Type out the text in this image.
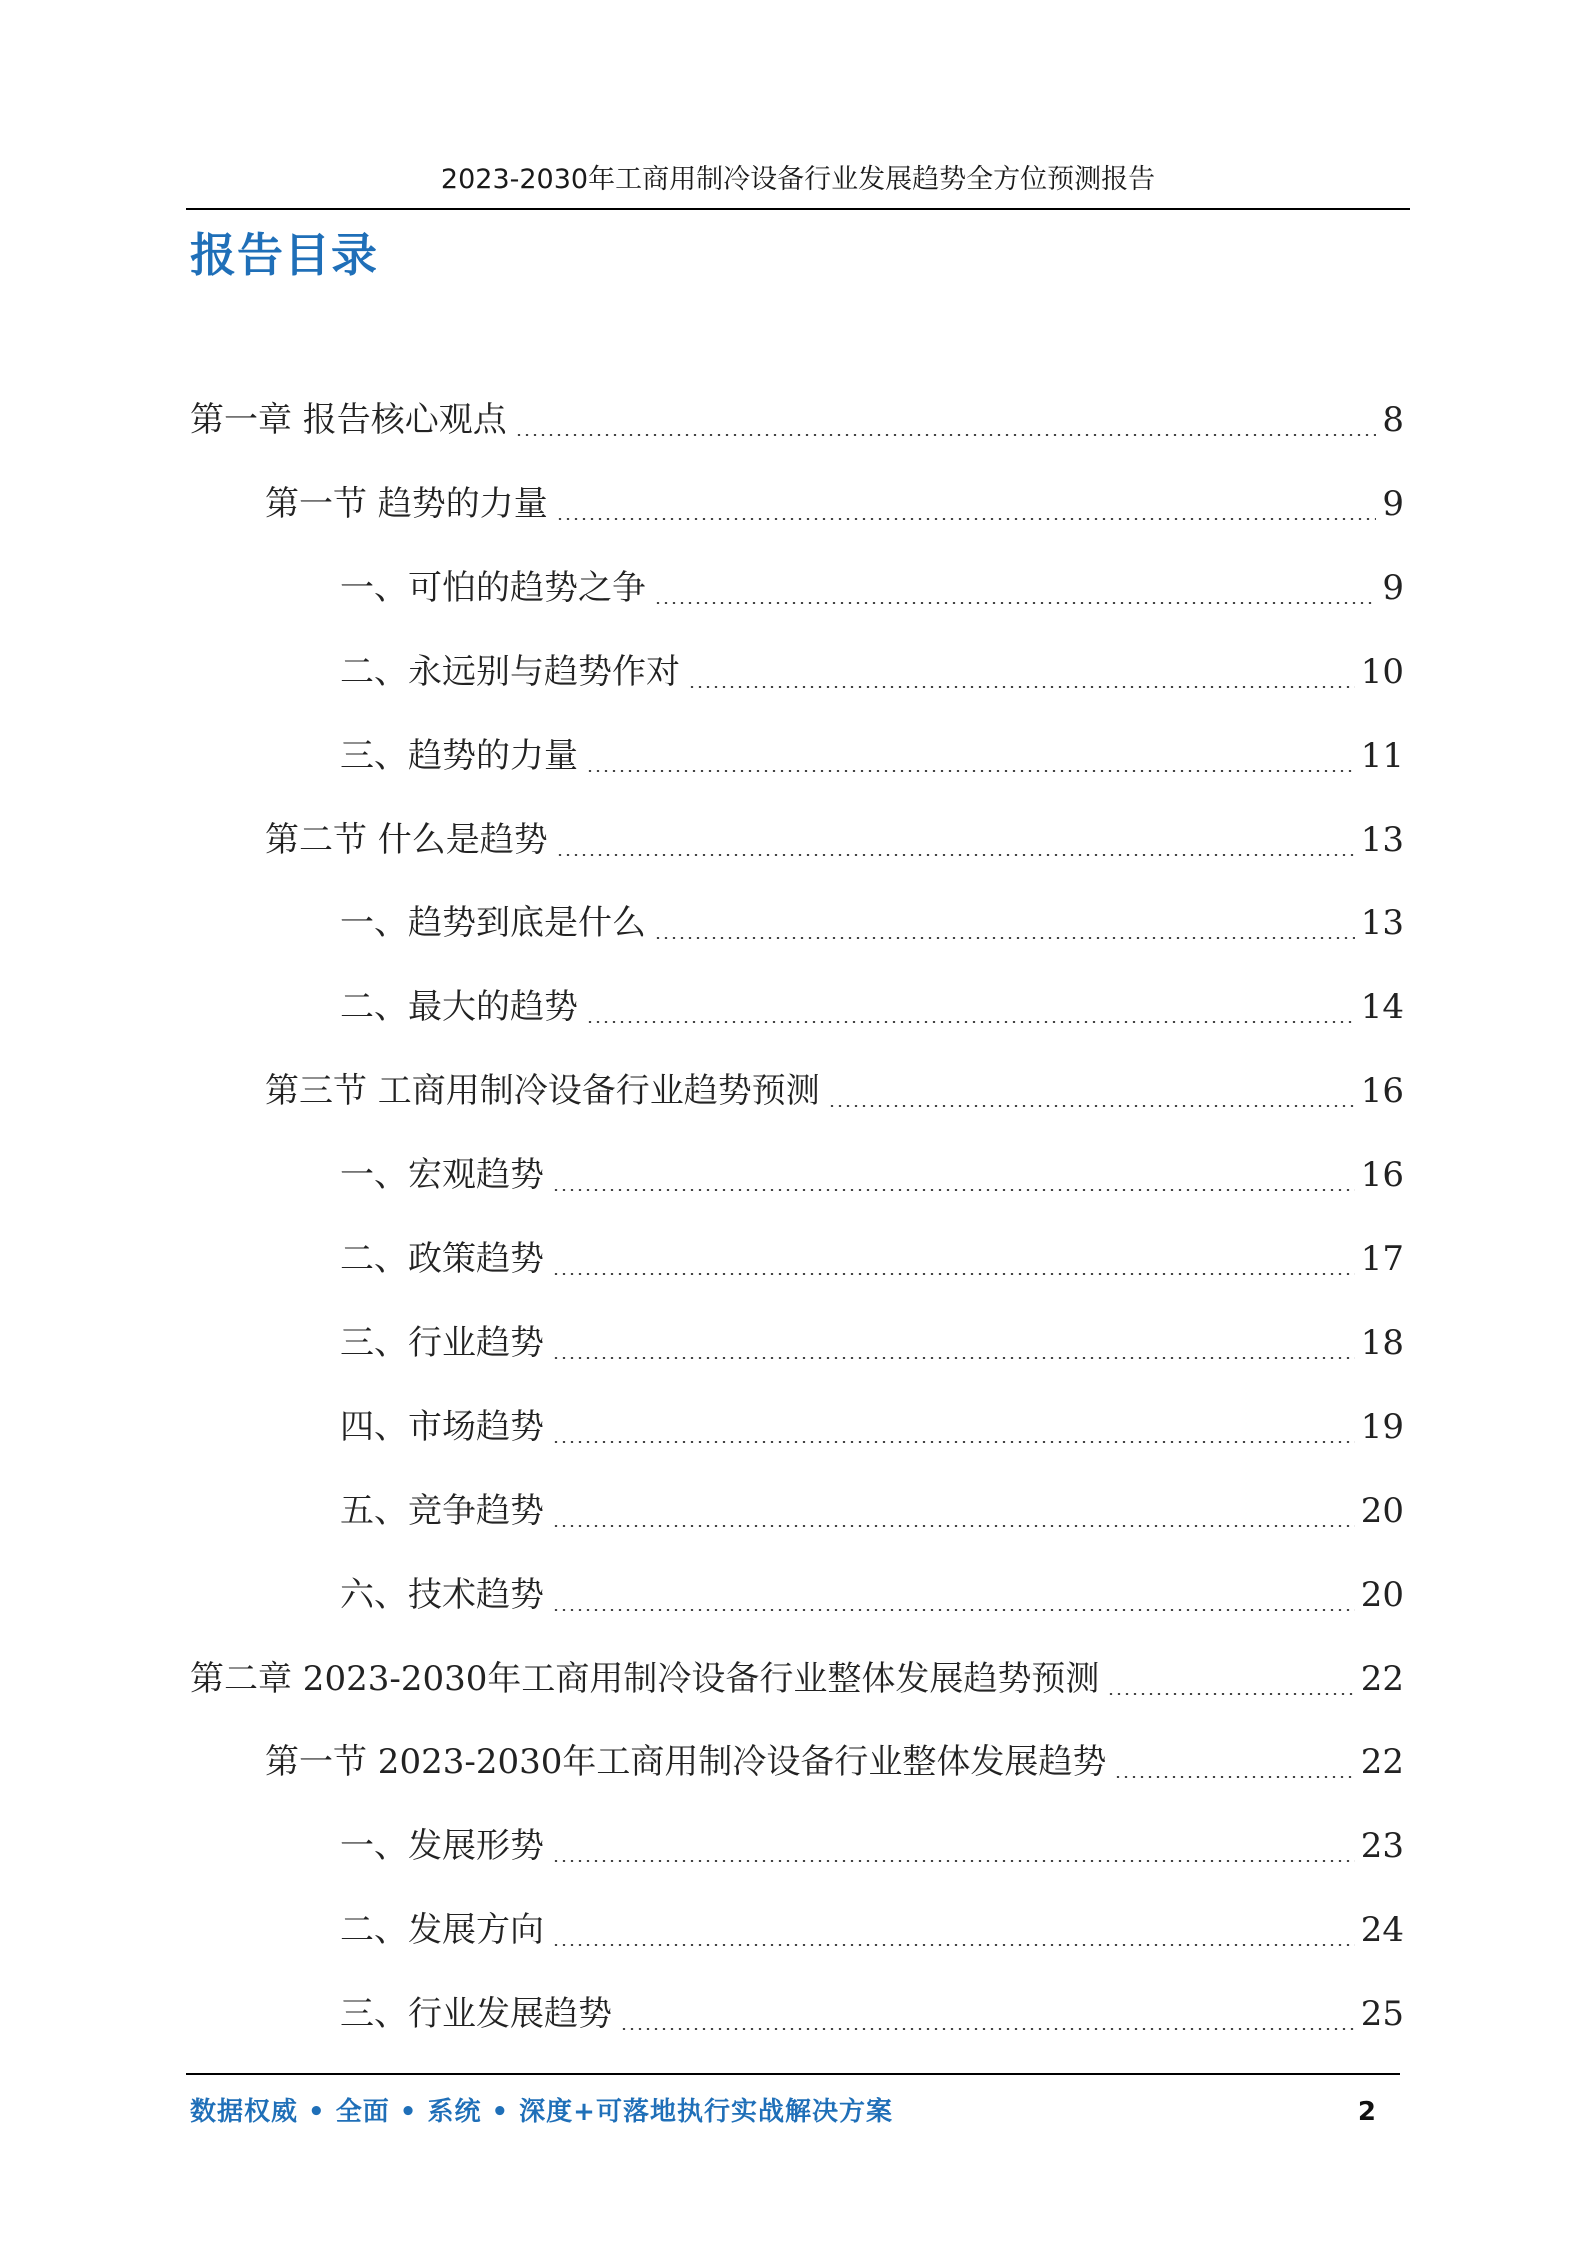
2023-2030年工商用制冷设备行业发展趋势全方位预测报告
报告目录
第一章 报告核心观点	8
第一节 趋势的力量	9
一、可怕的趋势之争	9
二、永远别与趋势作对	10
三、趋势的力量	11
第二节 什么是趋势	13
一、趋势到底是什么	13
二、最大的趋势	14
第三节 工商用制冷设备行业趋势预测	16
一、宏观趋势	16
二、政策趋势	17
三、行业趋势	18
四、市场趋势	19
五、竞争趋势	20
六、技术趋势	20
第二章 2023-2030年工商用制冷设备行业整体发展趋势预测	22
第一节 2023-2030年工商用制冷设备行业整体发展趋势	22
一、发展形势	23
二、发展方向	24
三、行业发展趋势	25
数据权威 • 全面 • 系统 • 深度+可落地执行实战解决方案	2
